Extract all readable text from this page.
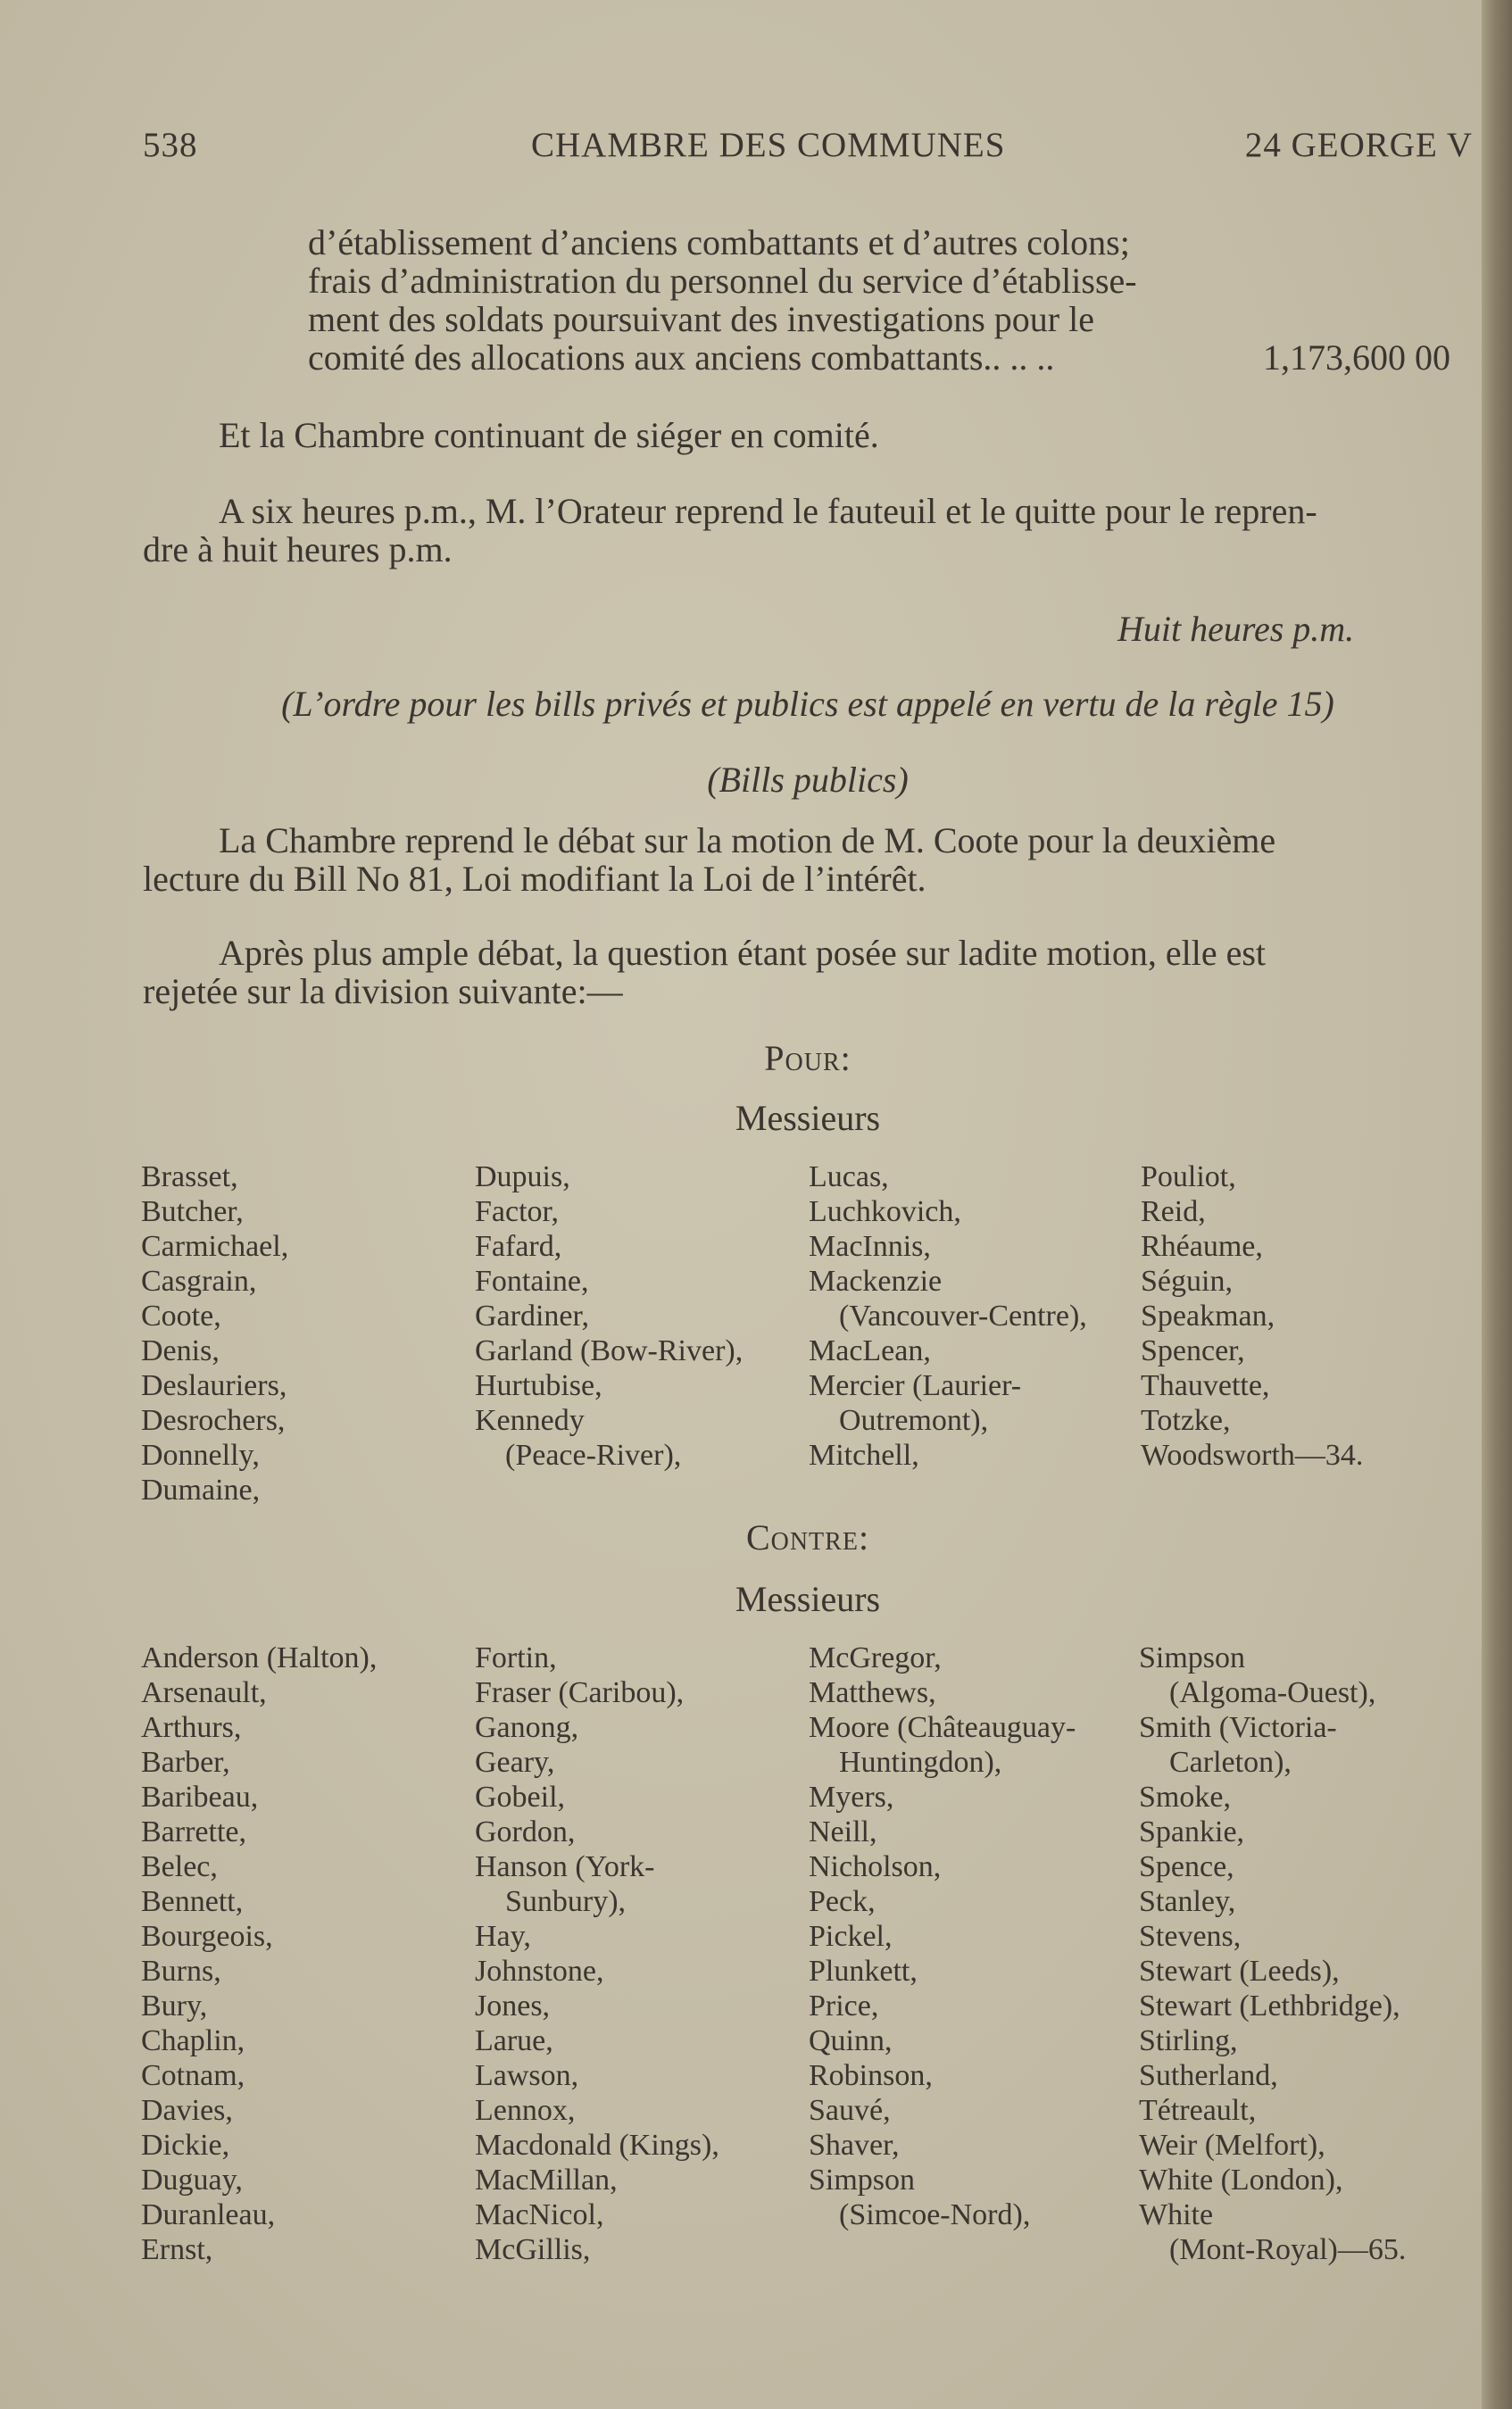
538	CHAMBRE DES COMMUNES	24 GEORGE V
d’établissement d’anciens combattants et d’autres colons;
frais d’administration du personnel du service d’établisse-
ment des soldats poursuivant des investigations pour le
comité des allocations aux anciens combattants.. .. ..	1,173,600 00
Et la Chambre continuant de siéger en comité.
A six heures p.m., M. l’Orateur reprend le fauteuil et le quitte pour le repren-
dre à huit heures p.m.
Huit heures p.m.
(L’ordre pour les bills privés et publics est appelé en vertu de la règle 15)
(Bills publics)
La Chambre reprend le débat sur la motion de M. Coote pour la deuxième
lecture du Bill No 81, Loi modifiant la Loi de l’intérêt.
Après plus ample débat, la question étant posée sur ladite motion, elle est
rejetée sur la division suivante:—
Pour:
Messieurs
Brasset,
Butcher,
Carmichael,
Casgrain,
Coote,
Denis,
Deslauriers,
Desrochers,
Donnelly,
Dumaine,
Dupuis,
Factor,
Fafard,
Fontaine,
Gardiner,
Garland (Bow-River),
Hurtubise,
Kennedy
(Peace-River),
Lucas,
Luchkovich,
MacInnis,
Mackenzie
(Vancouver-Centre),
MacLean,
Mercier (Laurier-
Outremont),
Mitchell,
Pouliot,
Reid,
Rhéaume,
Séguin,
Speakman,
Spencer,
Thauvette,
Totzke,
Woodsworth—34.
Contre:
Messieurs
Anderson (Halton),
Arsenault,
Arthurs,
Barber,
Baribeau,
Barrette,
Belec,
Bennett,
Bourgeois,
Burns,
Bury,
Chaplin,
Cotnam,
Davies,
Dickie,
Duguay,
Duranleau,
Ernst,
Fortin,
Fraser (Caribou),
Ganong,
Geary,
Gobeil,
Gordon,
Hanson (York-
Sunbury),
Hay,
Johnstone,
Jones,
Larue,
Lawson,
Lennox,
Macdonald (Kings),
MacMillan,
MacNicol,
McGillis,
McGregor,
Matthews,
Moore (Châteauguay-
Huntingdon),
Myers,
Neill,
Nicholson,
Peck,
Pickel,
Plunkett,
Price,
Quinn,
Robinson,
Sauvé,
Shaver,
Simpson
(Simcoe-Nord),
Simpson
(Algoma-Ouest),
Smith (Victoria-
Carleton),
Smoke,
Spankie,
Spence,
Stanley,
Stevens,
Stewart (Leeds),
Stewart (Lethbridge),
Stirling,
Sutherland,
Tétreault,
Weir (Melfort),
White (London),
White
(Mont-Royal)—65.
